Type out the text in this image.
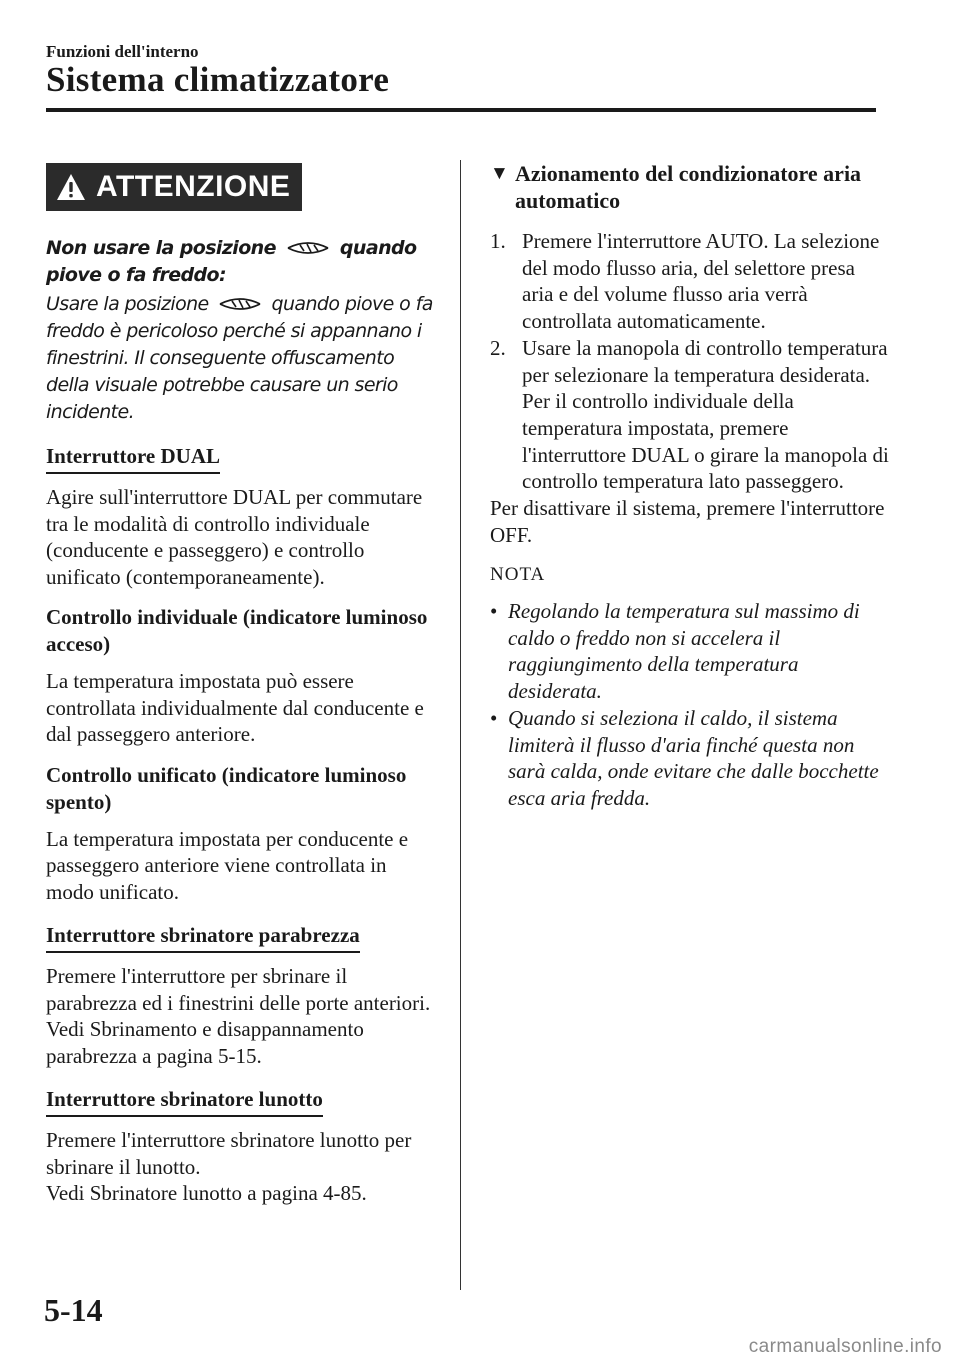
Funzioni dell'interno
Sistema climatizzatore
ATTENZIONE
Non usare la posizione	quando piove o fa freddo:
Usare la posizione	quando piove o fa freddo è pericoloso perché si appannano i finestrini. Il conseguente offuscamento della visuale potrebbe causare un serio incidente.
Interruttore DUAL
Agire sull'interruttore DUAL per commutare tra le modalità di controllo individuale (conducente e passeggero) e controllo unificato (contemporaneamente).
Controllo individuale (indicatore luminoso acceso)
La temperatura impostata può essere controllata individualmente dal conducente e dal passeggero anteriore.
Controllo unificato (indicatore luminoso spento)
La temperatura impostata per conducente e passeggero anteriore viene controllata in modo unificato.
Interruttore sbrinatore parabrezza
Premere l'interruttore per sbrinare il parabrezza ed i finestrini delle porte anteriori.
Vedi Sbrinamento e disappannamento parabrezza a pagina 5-15.
Interruttore sbrinatore lunotto
Premere l'interruttore sbrinatore lunotto per sbrinare il lunotto.
Vedi Sbrinatore lunotto a pagina 4-85.
▼ Azionamento del condizionatore aria automatico
1. Premere l'interruttore AUTO. La selezione del modo flusso aria, del selettore presa aria e del volume flusso aria verrà controllata automaticamente.
2. Usare la manopola di controllo temperatura per selezionare la temperatura desiderata.
Per il controllo individuale della temperatura impostata, premere l'interruttore DUAL o girare la manopola di controllo temperatura lato passeggero.
Per disattivare il sistema, premere l'interruttore OFF.
NOTA
• Regolando la temperatura sul massimo di caldo o freddo non si accelera il raggiungimento della temperatura desiderata.
• Quando si seleziona il caldo, il sistema limiterà il flusso d'aria finché questa non sarà calda, onde evitare che dalle bocchette esca aria fredda.
5-14
carmanualsonline.info
